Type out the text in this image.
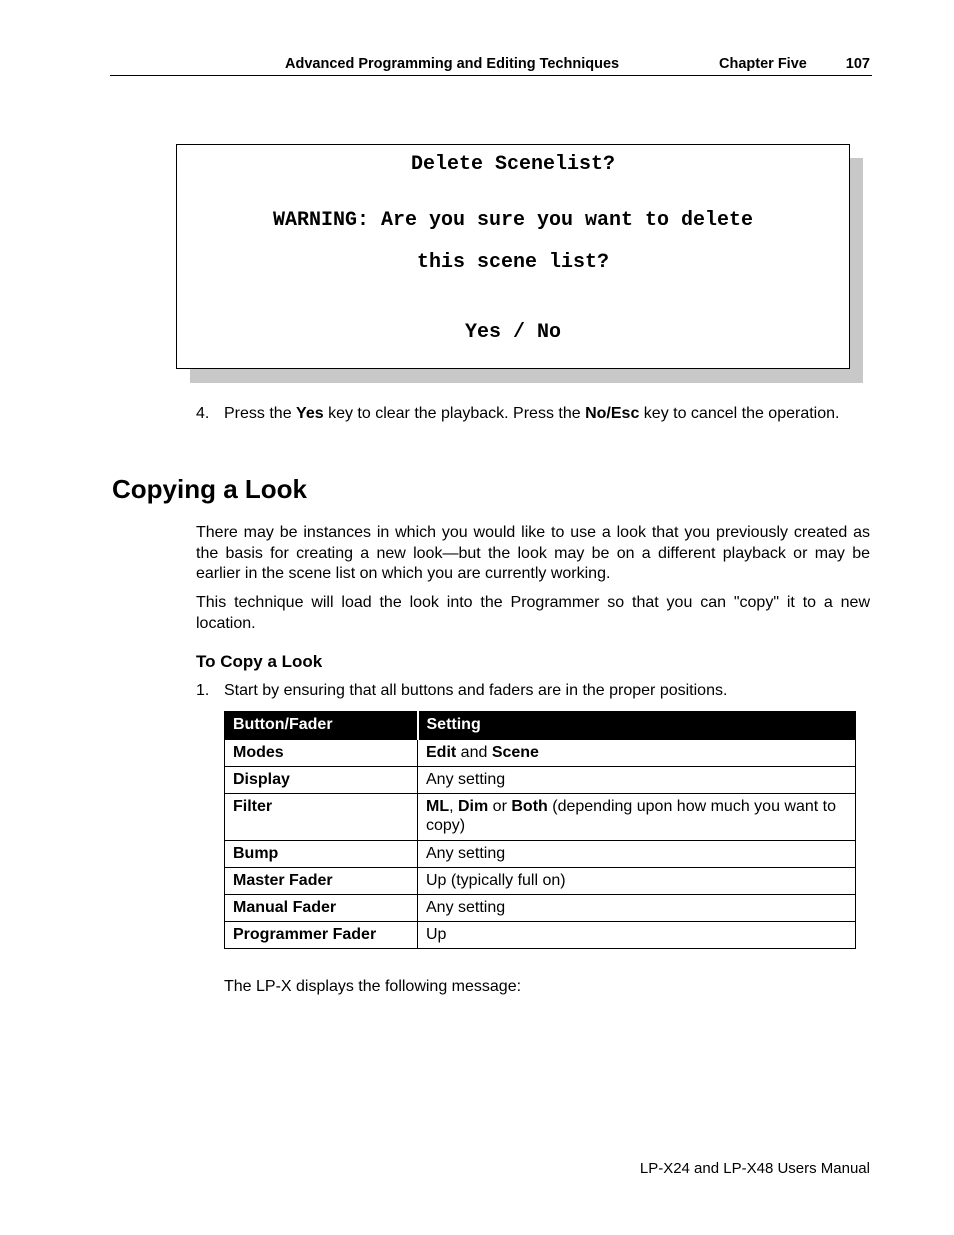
Advanced Programming and Editing Techniques	Chapter Five	107
Delete Scenelist?
WARNING: Are you sure you want to delete
this scene list?
Yes / No
4. Press the Yes key to clear the playback. Press the No/Esc key to cancel the operation.
Copying a Look
There may be instances in which you would like to use a look that you previously created as the basis for creating a new look—but the look may be on a different playback or may be earlier in the scene list on which you are currently working.
This technique will load the look into the Programmer so that you can "copy" it to a new location.
To Copy a Look
1. Start by ensuring that all buttons and faders are in the proper positions.
Button/Fader	Setting
Modes	Edit and Scene
Display	Any setting
Filter	ML, Dim or Both (depending upon how much you want to copy)
Bump	Any setting
Master Fader	Up (typically full on)
Manual Fader	Any setting
Programmer Fader	Up
The LP-X displays the following message:
LP-X24 and LP-X48 Users Manual
